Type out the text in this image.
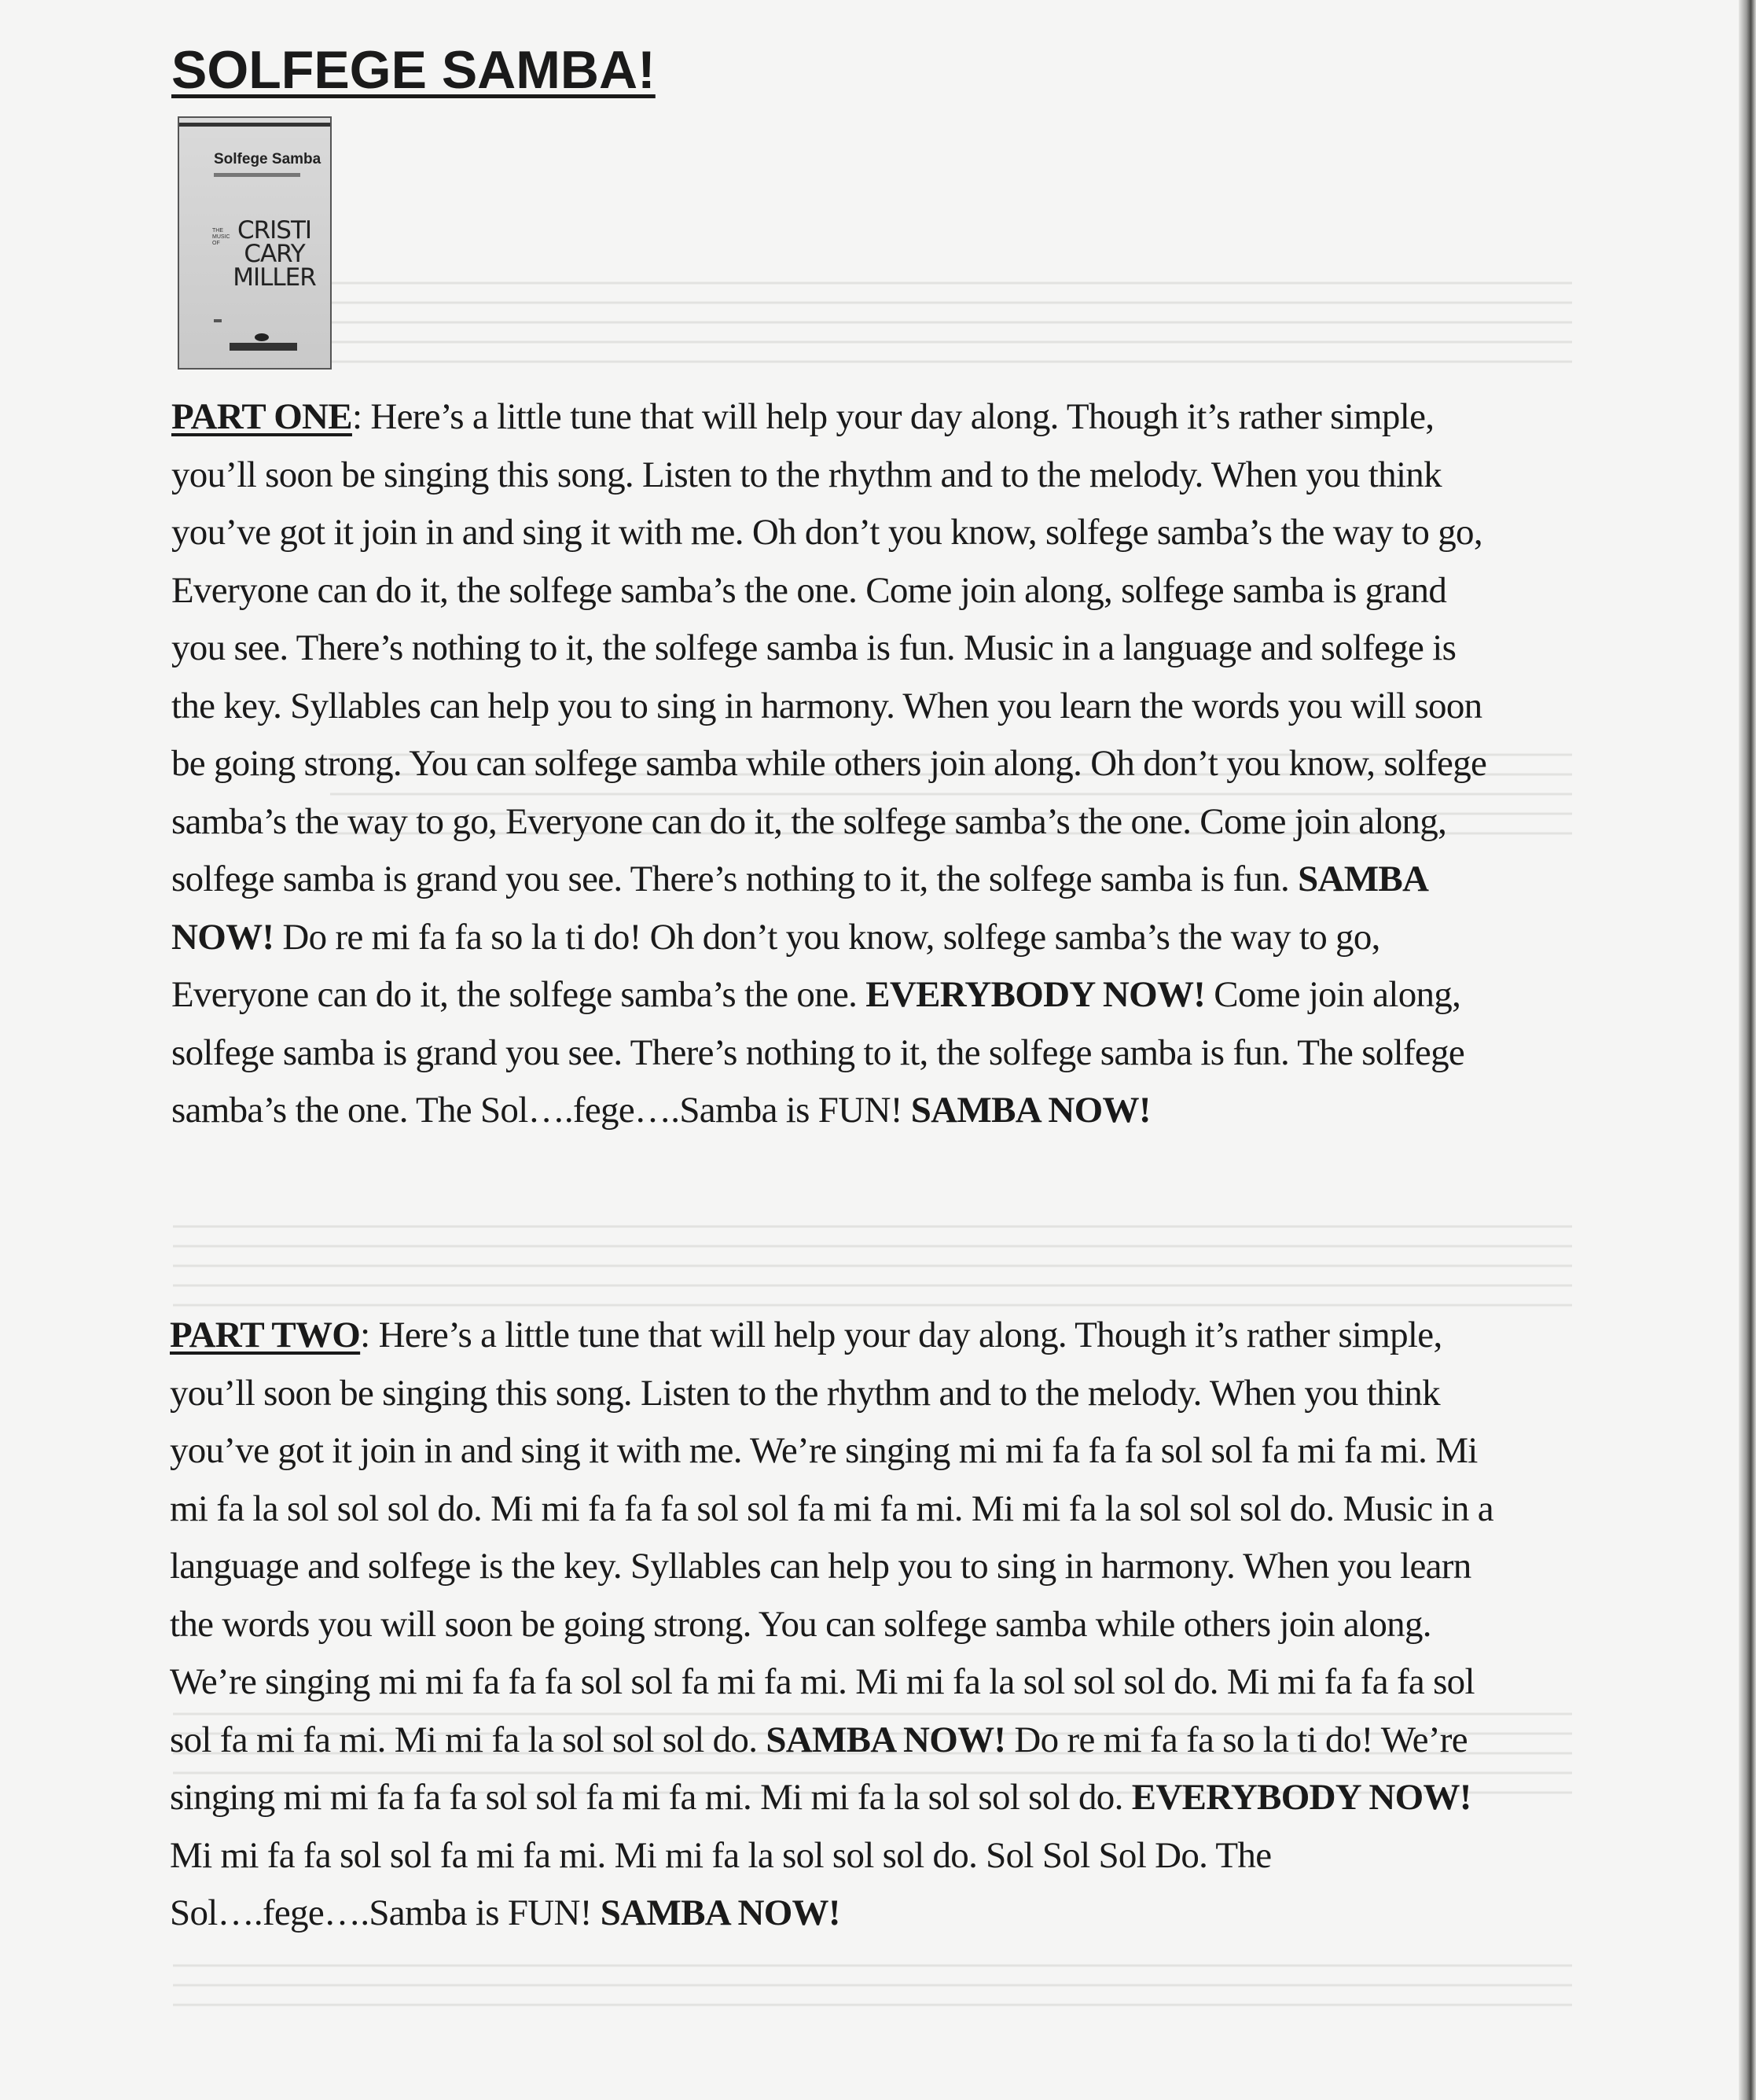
SOLFEGE SAMBA!
Solfege Samba
THE MUSIC OF CRISTI
CARY
MILLER

PART ONE: Here’s a little tune that will help your day along. Though it’s rather simple, you’ll soon be singing this song. Listen to the rhythm and to the melody. When you think you’ve got it join in and sing it with me. Oh don’t you know, solfege samba’s the way to go, Everyone can do it, the solfege samba’s the one. Come join along, solfege samba is grand you see. There’s nothing to it, the solfege samba is fun. Music in a language and solfege is the key. Syllables can help you to sing in harmony. When you learn the words you will soon be going strong. You can solfege samba while others join along. Oh don’t you know, solfege samba’s the way to go, Everyone can do it, the solfege samba’s the one. Come join along, solfege samba is grand you see. There’s nothing to it, the solfege samba is fun. SAMBA NOW! Do re mi fa fa so la ti do! Oh don’t you know, solfege samba’s the way to go, Everyone can do it, the solfege samba’s the one. EVERYBODY NOW! Come join along, solfege samba is grand you see. There’s nothing to it, the solfege samba is fun. The solfege samba’s the one. The Sol….fege….Samba is FUN! SAMBA NOW!

PART TWO: Here’s a little tune that will help your day along. Though it’s rather simple, you’ll soon be singing this song. Listen to the rhythm and to the melody. When you think you’ve got it join in and sing it with me. We’re singing mi mi fa fa fa sol sol fa mi fa mi. Mi mi fa la sol sol sol do. Mi mi fa fa fa sol sol fa mi fa mi. Mi mi fa la sol sol sol do. Music in a language and solfege is the key. Syllables can help you to sing in harmony. When you learn the words you will soon be going strong. You can solfege samba while others join along. We’re singing mi mi fa fa fa sol sol fa mi fa mi. Mi mi fa la sol sol sol do. Mi mi fa fa fa sol sol fa mi fa mi. Mi mi fa la sol sol sol do. SAMBA NOW! Do re mi fa fa so la ti do! We’re singing mi mi fa fa fa sol sol fa mi fa mi. Mi mi fa la sol sol sol do. EVERYBODY NOW! Mi mi fa fa sol sol fa mi fa mi. Mi mi fa la sol sol sol do. Sol Sol Sol Do. The Sol….fege….Samba is FUN! SAMBA NOW!
